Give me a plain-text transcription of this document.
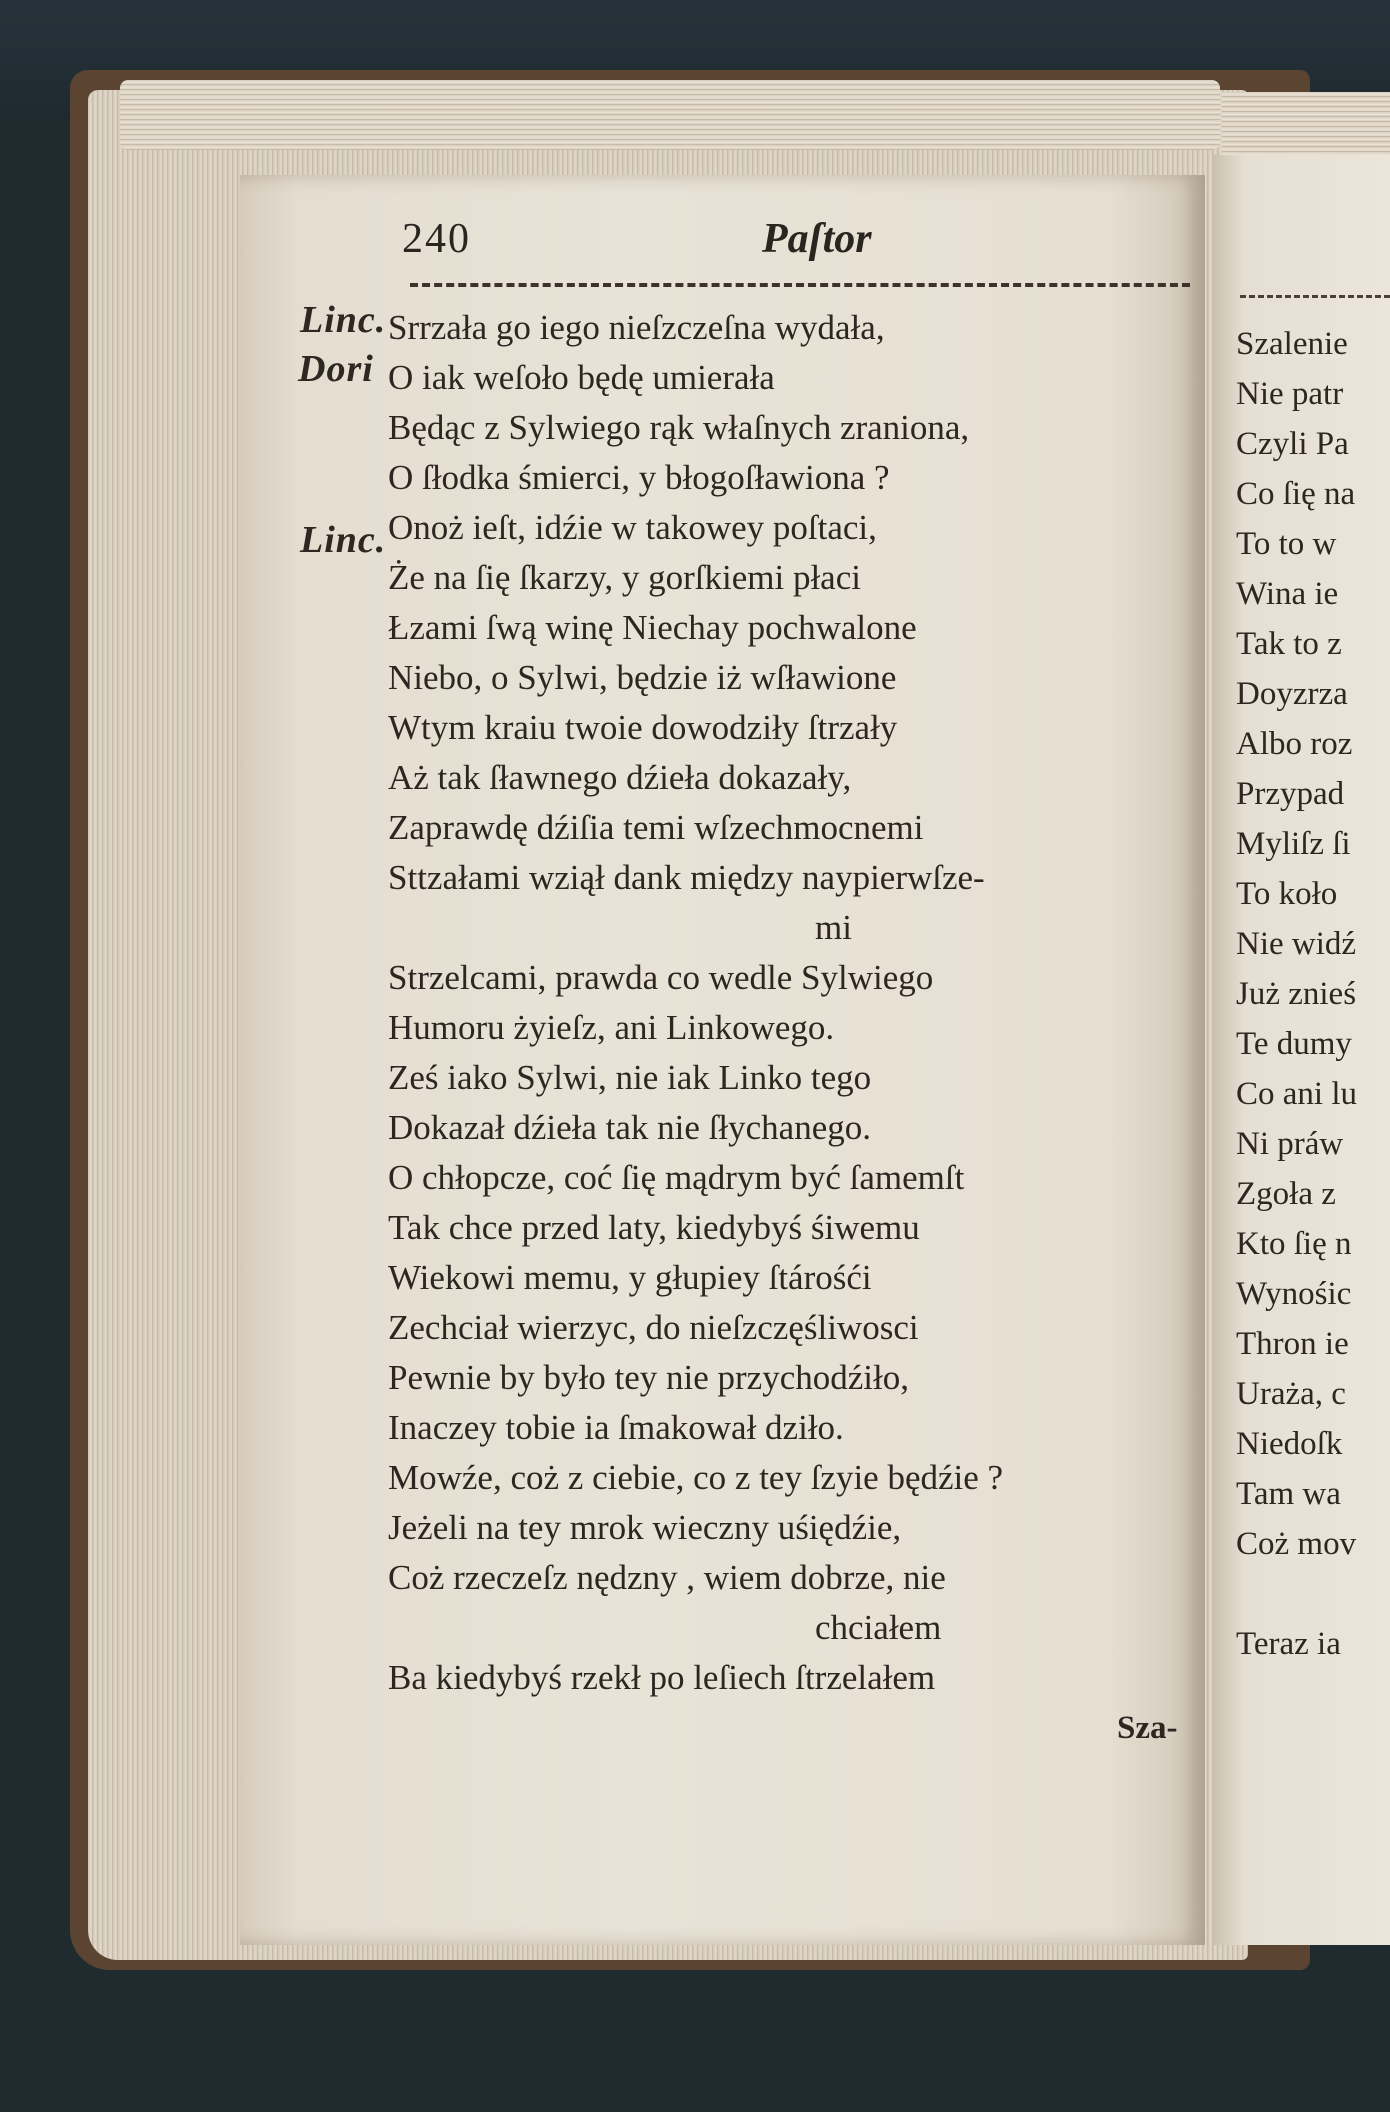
240	Paſtor
Linc.
Dori
Linc.
Srrzała go iego nieſzczeſna wydała,
O iak weſoło będę umierała
Będąc z Sylwiego rąk właſnych zraniona,
O ſłodka śmierci, y błogoſławiona ?
Onoż ieſt, idźie w takowey poſtaci,
Że na ſię ſkarzy, y gorſkiemi płaci
Łzami ſwą winę Niechay pochwalone
Niebo, o Sylwi, będzie iż wſławione
Wtym kraiu twoie dowodziły ſtrzały
Aż tak ſławnego dźieła dokazały,
Zaprawdę dźiſia temi wſzechmocnemi
Sttzałami wziął dank między naypierwſze-
mi
Strzelcami, prawda co wedle Sylwiego
Humoru żyieſz, ani Linkowego.
Ześ iako Sylwi, nie iak Linko tego
Dokazał dźieła tak nie ſłychanego.
O chłopcze, coć ſię mądrym być ſamemſt
Tak chce przed laty, kiedybyś śiwemu
Wiekowi memu, y głupiey ſtárośći
Zechciał wierzyc, do nieſzczęśliwosci
Pewnie by było tey nie przychodźiło,
Inaczey tobie ia ſmakował dziło.
Mowźe, coż z ciebie, co z tey ſzyie będźie ?
Jeżeli na tey mrok wieczny uśiędźie,
Coż rzeczeſz nędzny , wiem dobrze, nie
chciałem
Ba kiedybyś rzekł po leſiech ſtrzelałem
Sza-
Szalenie
Nie patr
Czyli Pa
Co ſię na
To to w
Wina ie
Tak to z
Doyzrza
Albo roz
Przypad
Myliſz ſi
To koło
Nie widź
Już znieś
Te dumy
Co ani lu
Ni práw
Zgoła z
Kto ſię n
Wynośic
Thron ie
Uraża, c
Niedoſk
Tam wa
Coż mov
Teraz ia
